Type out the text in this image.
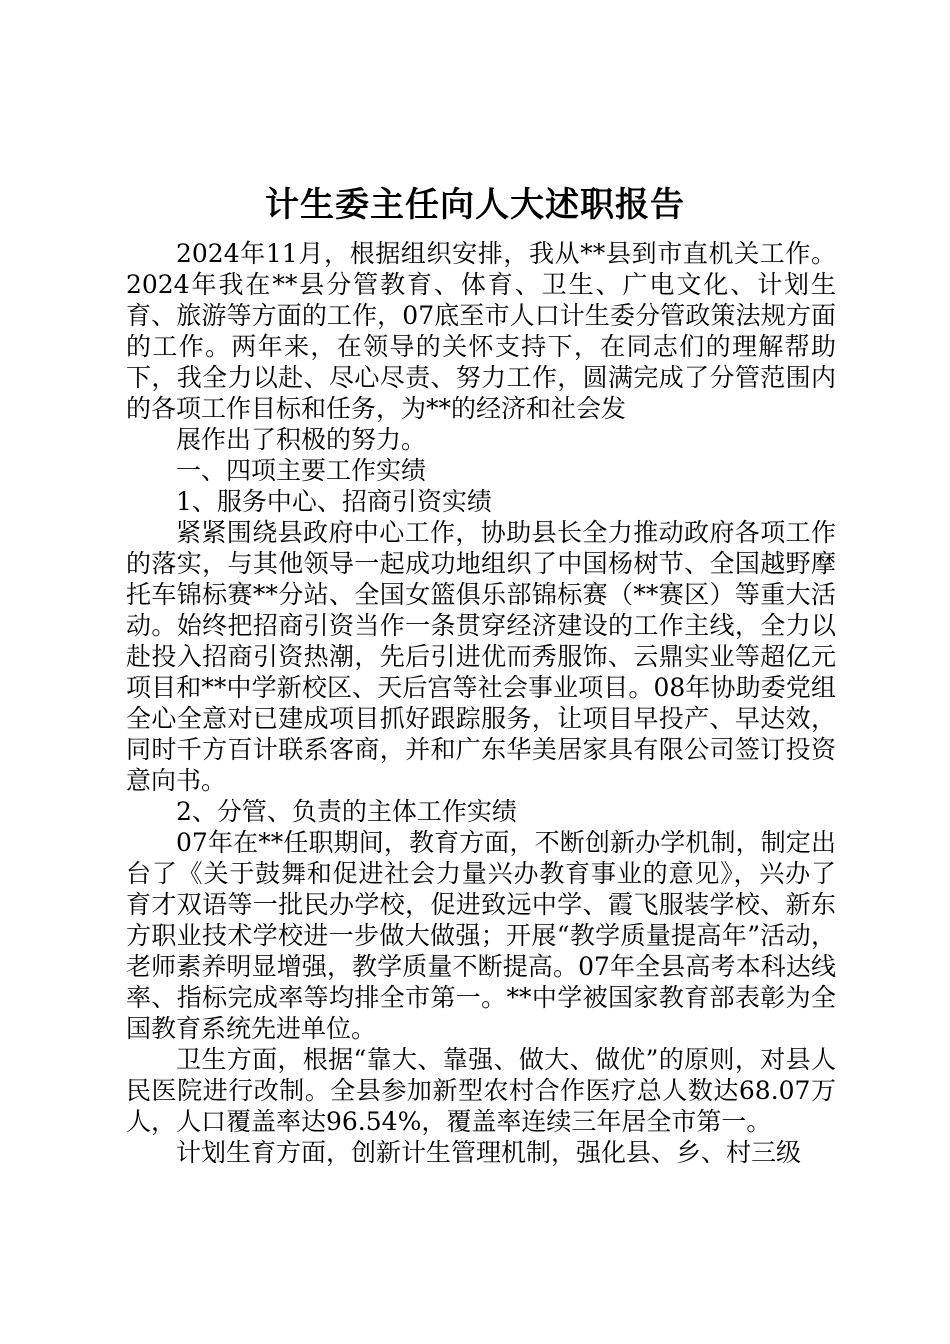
计生委主任向人大述职报告

2024年11月，根据组织安排，我从**县到市直机关工作。2024年我在**县分管教育、体育、卫生、广电文化、计划生育、旅游等方面的工作，07底至市人口计生委分管政策法规方面的工作。两年来，在领导的关怀支持下，在同志们的理解帮助下，我全力以赴、尽心尽责、努力工作，圆满完成了分管范围内的各项工作目标和任务，为**的经济和社会发

展作出了积极的努力。

一、四项主要工作实绩

1、服务中心、招商引资实绩

紧紧围绕县政府中心工作，协助县长全力推动政府各项工作的落实，与其他领导一起成功地组织了中国杨树节、全国越野摩托车锦标赛**分站、全国女篮俱乐部锦标赛（**赛区）等重大活动。始终把招商引资当作一条贯穿经济建设的工作主线，全力以赴投入招商引资热潮，先后引进优而秀服饰、云鼎实业等超亿元项目和**中学新校区、天后宫等社会事业项目。08年协助委党组全心全意对已建成项目抓好跟踪服务，让项目早投产、早达效，同时千方百计联系客商，并和广东华美居家具有限公司签订投资意向书。

2、分管、负责的主体工作实绩

07年在**任职期间，教育方面，不断创新办学机制，制定出台了《关于鼓舞和促进社会力量兴办教育事业的意见》，兴办了育才双语等一批民办学校，促进致远中学、霞飞服装学校、新东方职业技术学校进一步做大做强；开展“教学质量提高年”活动，老师素养明显增强，教学质量不断提高。07年全县高考本科达线率、指标完成率等均排全市第一。**中学被国家教育部表彰为全国教育系统先进单位。

卫生方面，根据“靠大、靠强、做大、做优”的原则，对县人民医院进行改制。全县参加新型农村合作医疗总人数达68.07万人，人口覆盖率达96.54%，覆盖率连续三年居全市第一。

计划生育方面，创新计生管理机制，强化县、乡、村三级
